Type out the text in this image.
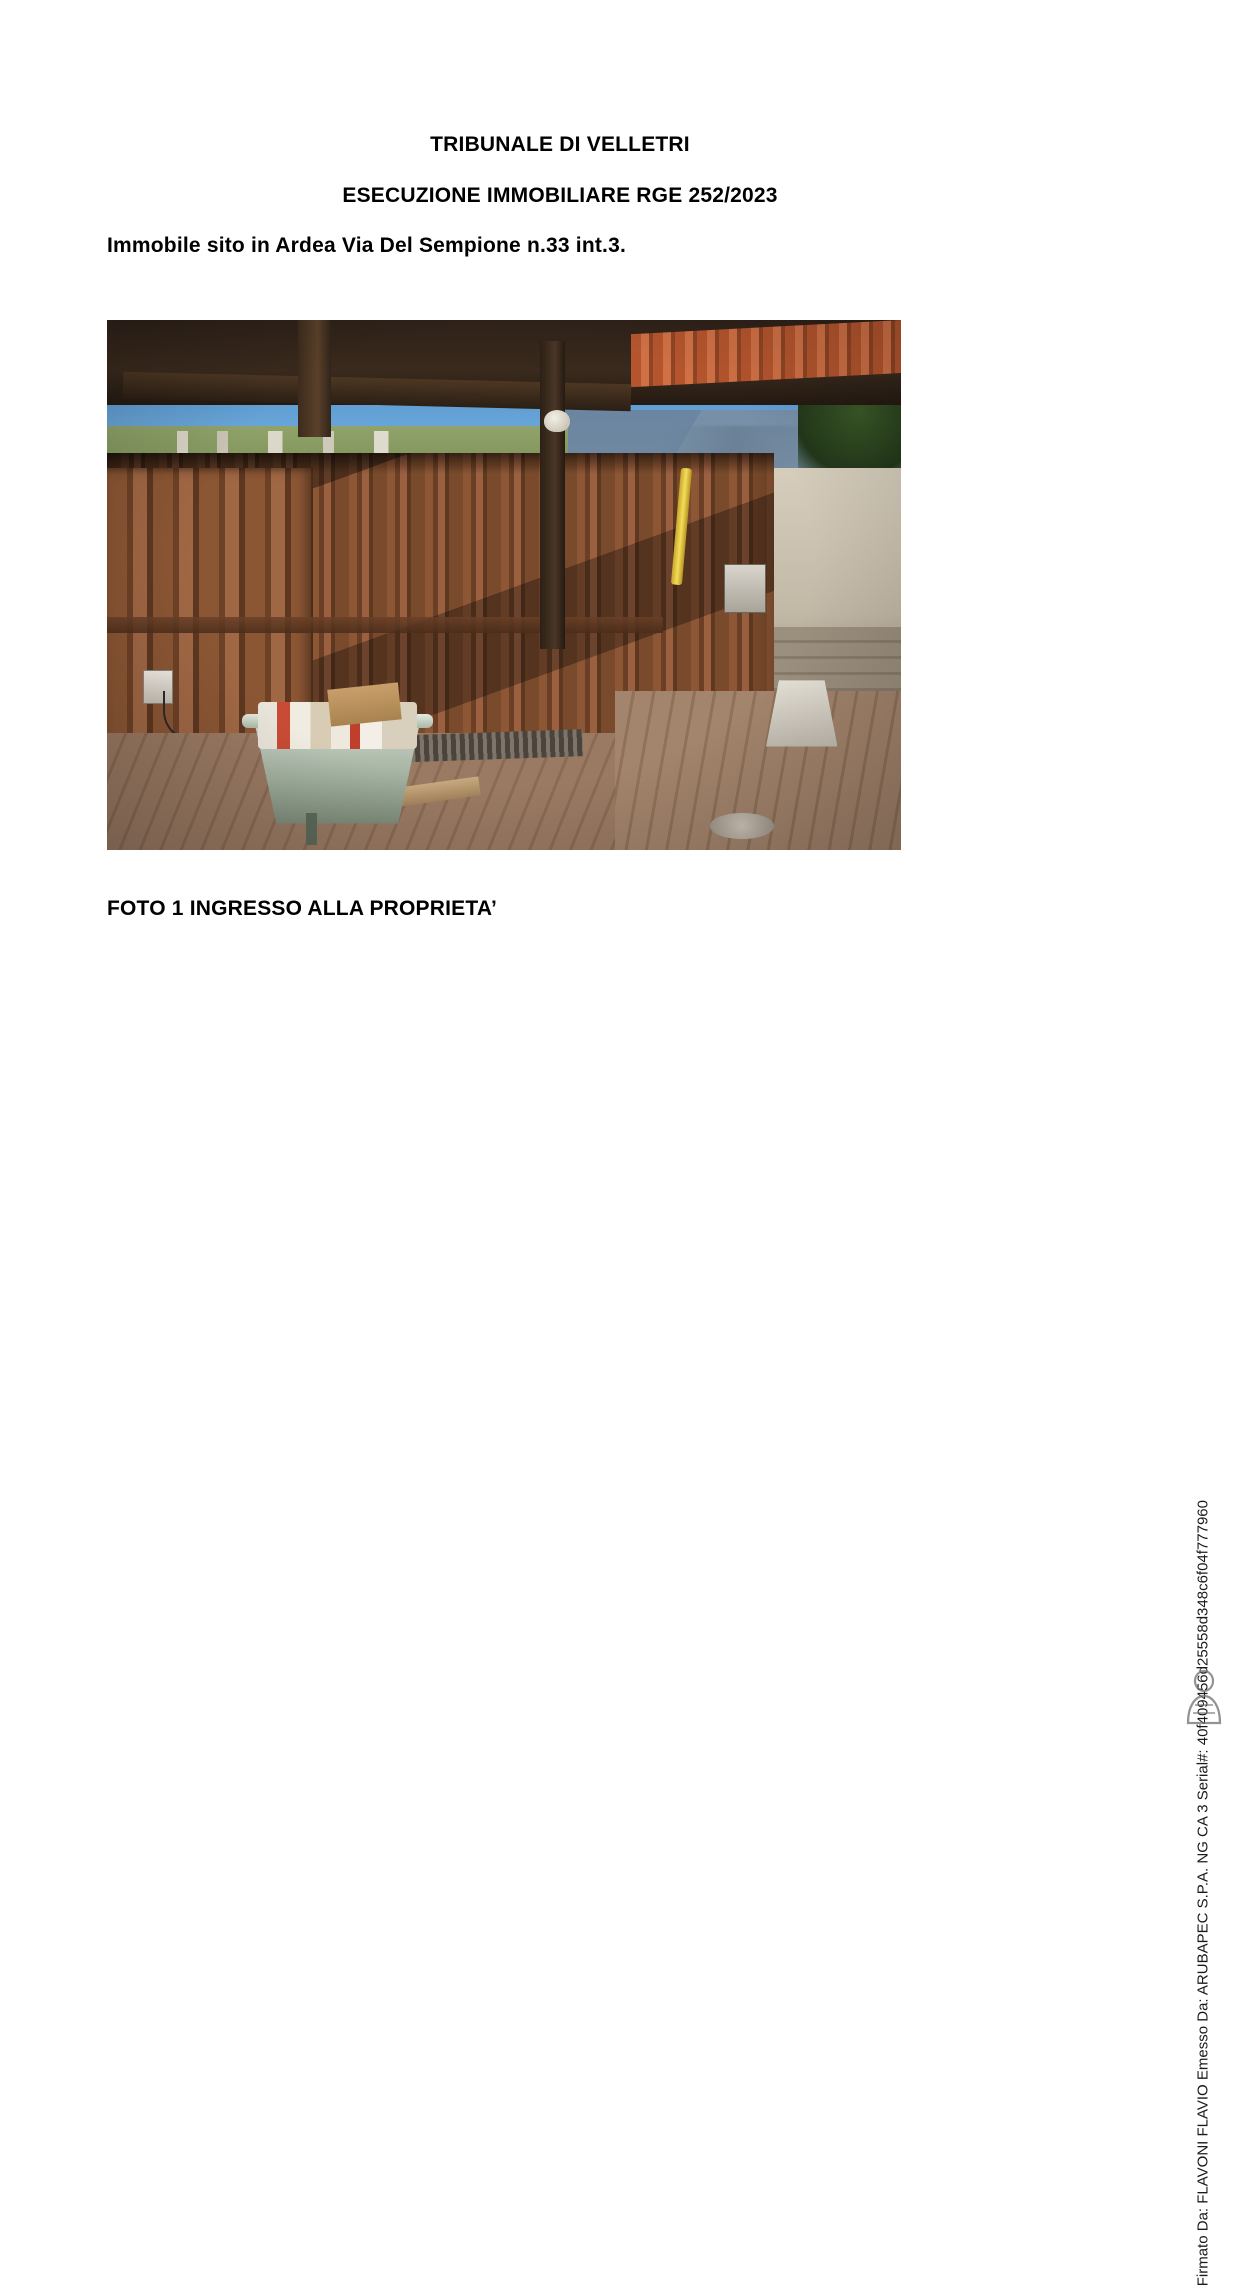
TRIBUNALE DI VELLETRI
ESECUZIONE IMMOBILIARE RGE 252/2023
Immobile sito in Ardea Via Del Sempione n.33 int.3.
FOTO 1 INGRESSO ALLA PROPRIETA’
Firmato Da: FLAVONI FLAVIO Emesso Da: ARUBAPEC S.P.A. NG CA 3 Serial#: 40f409456d25558d348c6f04f777960
